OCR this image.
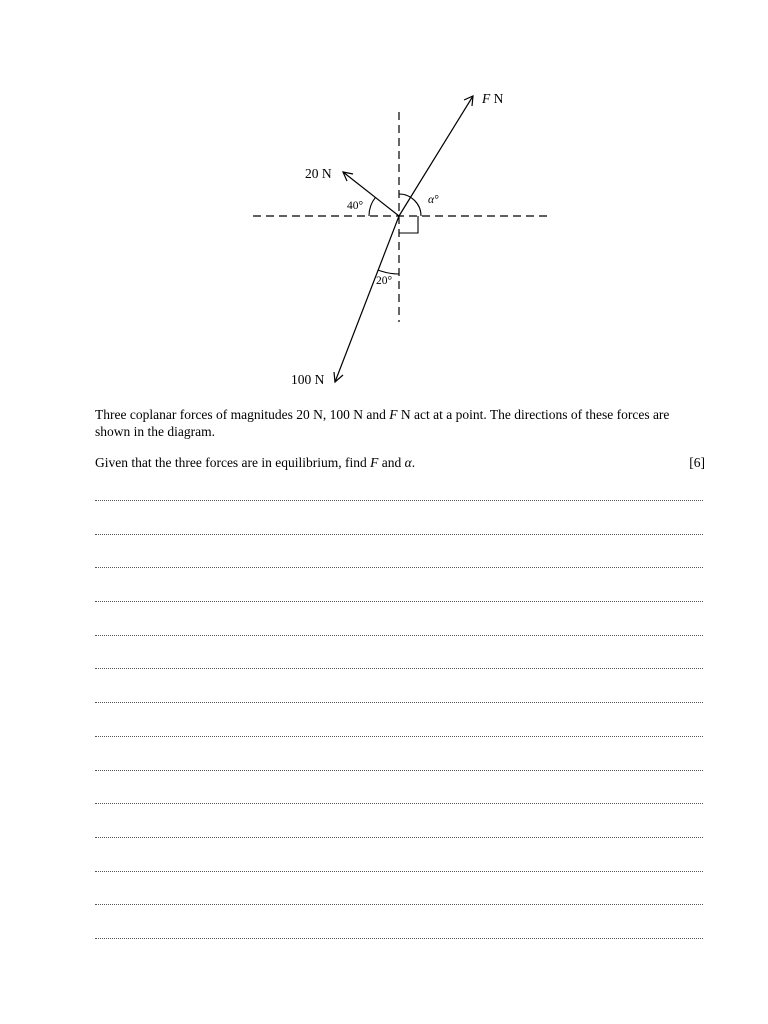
F N
20 N
100 N
40°	α°
20°

Three coplanar forces of magnitudes 20 N, 100 N and F N act at a point. The directions of these forces are shown in the diagram.

Given that the three forces are in equilibrium, find F and α.	[6]
